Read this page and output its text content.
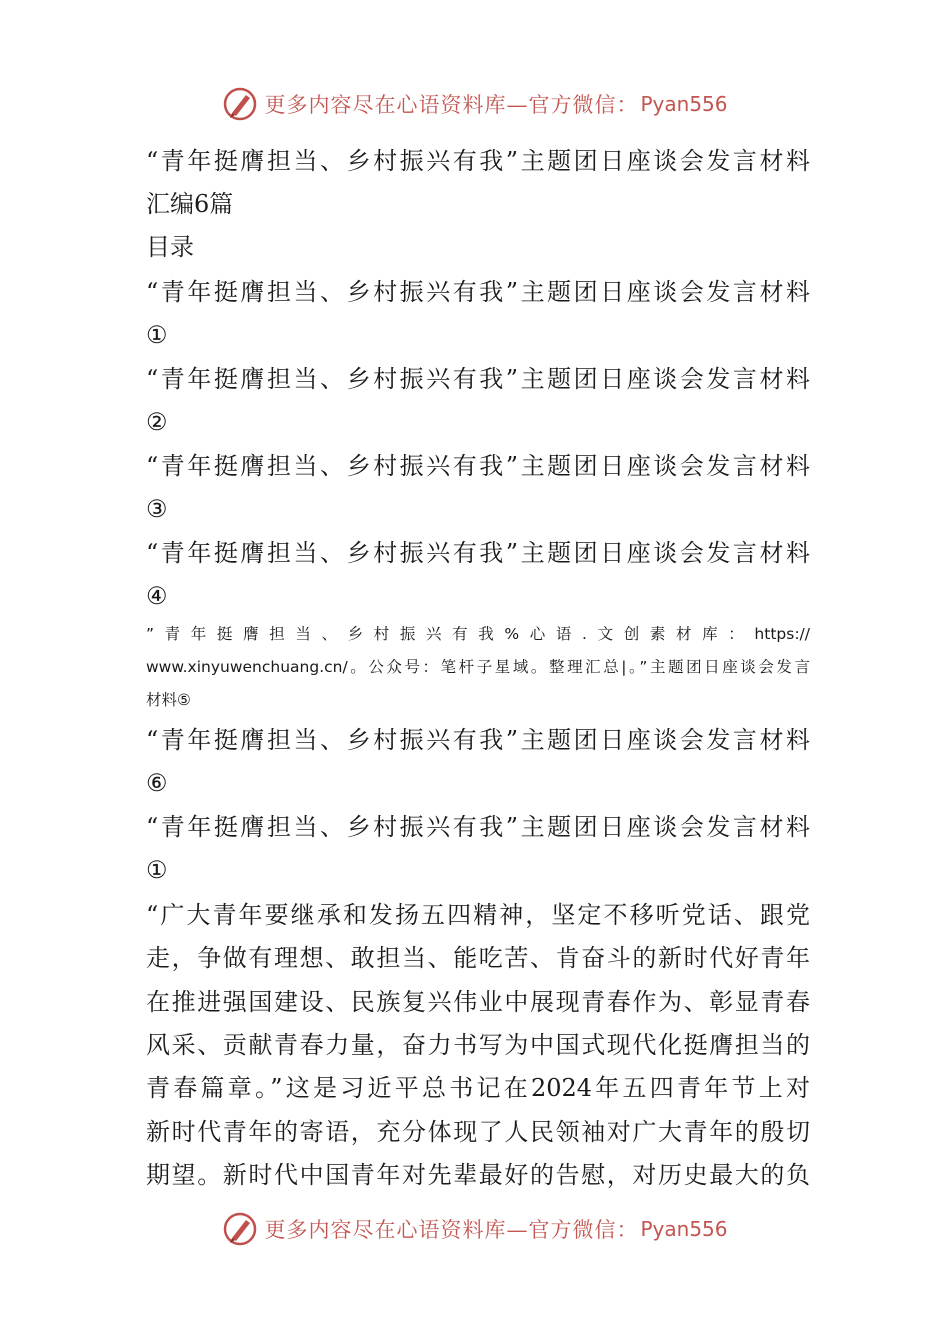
更多内容尽在心语资料库—官方微信： Pyan556
“青年挺膺担当、乡村振兴有我”主题团日座谈会发言材料
汇编6篇
目录
“青年挺膺担当、乡村振兴有我”主题团日座谈会发言材料
①
“青年挺膺担当、乡村振兴有我”主题团日座谈会发言材料
②
“青年挺膺担当、乡村振兴有我”主题团日座谈会发言材料
③
“青年挺膺担当、乡村振兴有我”主题团日座谈会发言材料
④
”青年挺膺担当、乡村振兴有我%心语.文创素材库：https://
www.xinyuwenchuang.cn/。公众号：笔杆子星域。整理汇总|。”主题团日座谈会发言
材料⑤
“青年挺膺担当、乡村振兴有我”主题团日座谈会发言材料
⑥
“青年挺膺担当、乡村振兴有我”主题团日座谈会发言材料
①
“广大青年要继承和发扬五四精神，坚定不移听党话、跟党
走，争做有理想、敢担当、能吃苦、肯奋斗的新时代好青年
在推进强国建设、民族复兴伟业中展现青春作为、彰显青春
风采、贡献青春力量，奋力书写为中国式现代化挺膺担当的
青春篇章。”这是习近平总书记在2024年五四青年节上对
新时代青年的寄语，充分体现了人民领袖对广大青年的殷切
期望。新时代中国青年对先辈最好的告慰，对历史最大的负
更多内容尽在心语资料库—官方微信： Pyan556
